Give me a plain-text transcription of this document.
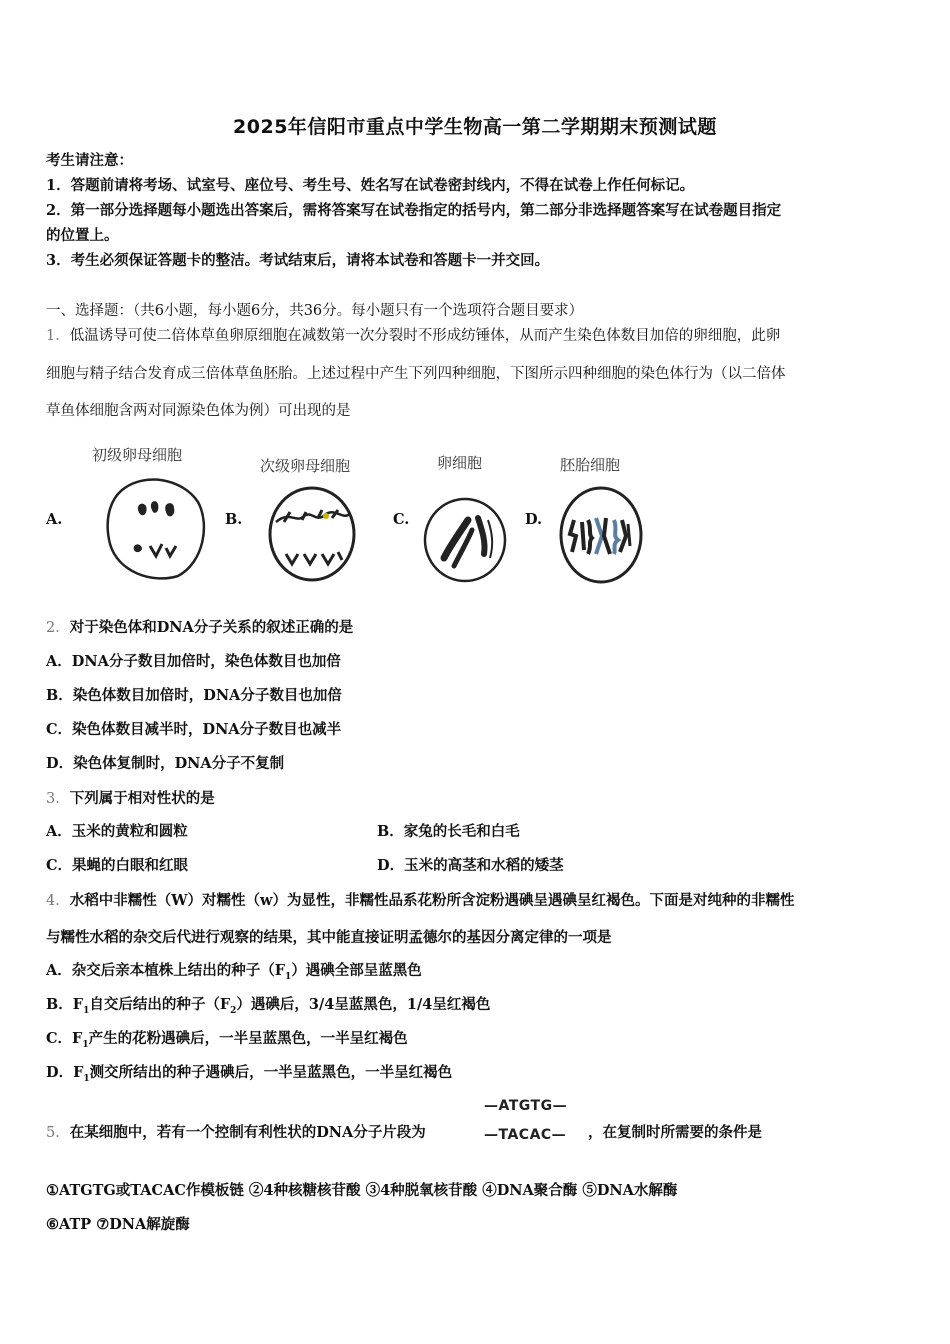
2025年信阳市重点中学生物高一第二学期期末预测试题
考生请注意：
1．答题前请将考场、试室号、座位号、考生号、姓名写在试卷密封线内，不得在试卷上作任何标记。
2．第一部分选择题每小题选出答案后，需将答案写在试卷指定的括号内，第二部分非选择题答案写在试卷题目指定
的位置上。
3．考生必须保证答题卡的整洁。考试结束后，请将本试卷和答题卡一并交回。
一、选择题：（共6小题，每小题6分，共36分。每小题只有一个选项符合题目要求）
1．低温诱导可使二倍体草鱼卵原细胞在减数第一次分裂时不形成纺锤体，从而产生染色体数目加倍的卵细胞，此卵
细胞与精子结合发育成三倍体草鱼胚胎。上述过程中产生下列四种细胞，下图所示四种细胞的染色体行为（以二倍体
草鱼体细胞含两对同源染色体为例）可出现的是
A.
初级卵母细胞
B.
次级卵母细胞
C.
卵细胞
D.
胚胎细胞
2．对于染色体和DNA分子关系的叙述正确的是
A．DNA分子数目加倍时，染色体数目也加倍
B．染色体数目加倍时，DNA分子数目也加倍
C．染色体数目减半时，DNA分子数目也减半
D．染色体复制时，DNA分子不复制
3．下列属于相对性状的是
A．玉米的黄粒和圆粒	B．家兔的长毛和白毛
C．果蝇的白眼和红眼	D．玉米的高茎和水稻的矮茎
4．水稻中非糯性（W）对糯性（w）为显性，非糯性品系花粉所含淀粉遇碘呈遇碘呈红褐色。下面是对纯种的非糯性
与糯性水稻的杂交后代进行观察的结果，其中能直接证明孟德尔的基因分离定律的一项是
A．杂交后亲本植株上结出的种子$(F_1)$遇碘全部呈蓝黑色
B．$F_1$自交后结出的种子$(F_2)$遇碘后，3/4呈蓝黑色，1/4呈红褐色
C．$F_1$产生的花粉遇碘后，一半呈蓝黑色，一半呈红褐色
D．$F_1$测交所结出的种子遇碘后，一半呈蓝黑色，一半呈红褐色
5．在某细胞中，若有一个控制有利性状的DNA分子片段为
—ATGTG—
—TACAC— ，在复制时所需要的条件是
①ATGTG或TACAC作模板链 ②4种核糖核苷酸 ③4种脱氧核苷酸 ④DNA聚合酶 ⑤DNA水解酶
⑥ATP ⑦DNA解旋酶
